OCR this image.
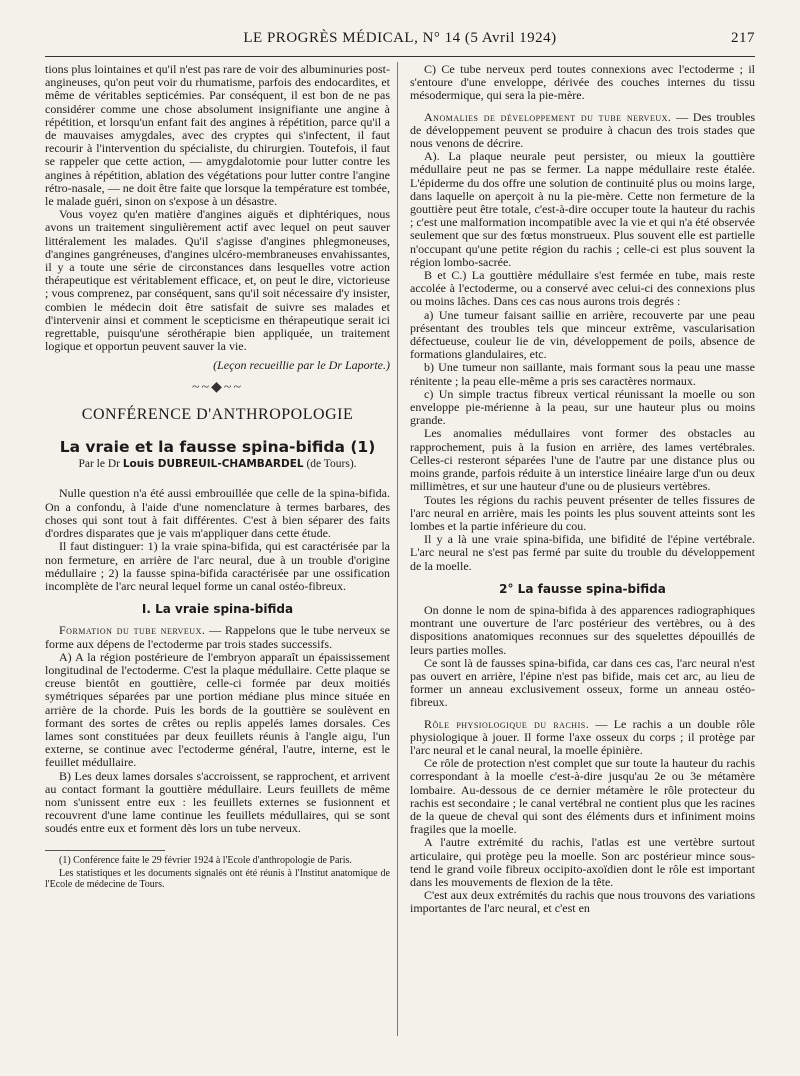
LE PROGRÈS MÉDICAL, N° 14 (5 Avril 1924)	217

tions plus lointaines et qu'il n'est pas rare de voir des albuminuries post-angineuses, qu'on peut voir du rhumatisme, parfois des endocardites, et même de véritables septicémies. Par conséquent, il est bon de ne pas considérer comme une chose absolument insignifiante une angine à répétition, et lorsqu'un enfant fait des angines à répétition, parce qu'il a de mauvaises amygdales, avec des cryptes qui s'infectent, il faut recourir à l'intervention du spécialiste, du chirurgien. Toutefois, il faut se rappeler que cette action, — amygdalotomie pour lutter contre les angines à répétition, ablation des végétations pour lutter contre l'angine rétro-nasale, — ne doit être faite que lorsque la température est tombée, le malade guéri, sinon on s'expose à un désastre.

Vous voyez qu'en matière d'angines aiguës et diphtériques, nous avons un traitement singulièrement actif avec lequel on peut sauver littéralement les malades. Qu'il s'agisse d'angines phlegmoneuses, d'angines gangréneuses, d'angines ulcéro-membraneuses envahissantes, il y a toute une série de circonstances dans lesquelles votre action thérapeutique est véritablement efficace, et, on peut le dire, victorieuse ; vous comprenez, par conséquent, sans qu'il soit nécessaire d'y insister, combien le médecin doit être satisfait de suivre ses malades et d'intervenir ainsi et comment le scepticisme en thérapeutique serait ici regrettable, puisqu'une sérothérapie bien appliquée, un traitement logique et opportun peuvent sauver la vie.

(Leçon recueillie par le Dr Laporte.)

~~◆~~
CONFÉRENCE D'ANTHROPOLOGIE
La vraie et la fausse spina-bifida (1)
Par le Dr Louis DUBREUIL-CHAMBARDEL (de Tours).

Nulle question n'a été aussi embrouillée que celle de la spina-bifida. On a confondu, à l'aide d'une nomenclature à termes barbares, des choses qui sont tout à fait différentes. C'est à bien séparer des faits d'ordres disparates que je vais m'appliquer dans cette étude.

Il faut distinguer: 1) la vraie spina-bifida, qui est caractérisée par la non fermeture, en arrière de l'arc neural, due à un trouble d'origine médullaire ; 2) la fausse spina-bifida caractérisée par une ossification incomplète de l'arc neural lequel forme un canal ostéo-fibreux.

I. La vraie spina-bifida

Formation du tube nerveux. — Rappelons que le tube nerveux se forme aux dépens de l'ectoderme par trois stades successifs.

A) A la région postérieure de l'embryon apparaît un épaississement longitudinal de l'ectoderme. C'est la plaque médullaire. Cette plaque se creuse bientôt en gouttière, celle-ci formée par deux moitiés symétriques séparées par une portion médiane plus mince située en arrière de la chorde. Puis les bords de la gouttière se soulèvent en formant des sortes de crêtes ou replis appelés lames dorsales. Ces lames sont constituées par deux feuillets réunis à l'angle aigu, l'un externe, se continue avec l'ectoderme général, l'autre, interne, est le feuillet médullaire.

B) Les deux lames dorsales s'accroissent, se rapprochent, et arrivent au contact formant la gouttière médullaire. Leurs feuillets de même nom s'unissent entre eux : les feuillets externes se fusionnent et recouvrent d'une lame continue les feuillets médullaires, qui se sont soudés entre eux et forment dès lors un tube nerveux.

(1) Conférence faite le 29 février 1924 à l'Ecole d'anthropologie de Paris.

Les statistiques et les documents signalés ont été réunis à l'Institut anatomique de l'Ecole de médecine de Tours.

C) Ce tube nerveux perd toutes connexions avec l'ectoderme ; il s'entoure d'une enveloppe, dérivée des couches internes du tissu mésodermique, qui sera la pie-mère.

Anomalies de développement du tube nerveux. — Des troubles de développement peuvent se produire à chacun des trois stades que nous venons de décrire.

A). La plaque neurale peut persister, ou mieux la gouttière médullaire peut ne pas se fermer. La nappe médullaire reste étalée. L'épiderme du dos offre une solution de continuité plus ou moins large, dans laquelle on aperçoit à nu la pie-mère. Cette non fermeture de la gouttière peut être totale, c'est-à-dire occuper toute la hauteur du rachis ; c'est une malformation incompatible avec la vie et qui n'a été observée seulement que sur des fœtus monstrueux. Plus souvent elle est partielle n'occupant qu'une petite région du rachis ; celle-ci est plus souvent la région lombo-sacrée.

B et C.) La gouttière médullaire s'est fermée en tube, mais reste accolée à l'ectoderme, ou a conservé avec celui-ci des connexions plus ou moins lâches. Dans ces cas nous aurons trois degrés :

a) Une tumeur faisant saillie en arrière, recouverte par une peau présentant des troubles tels que minceur extrême, vascularisation défectueuse, couleur lie de vin, développement de poils, absence de formations glandulaires, etc.

b) Une tumeur non saillante, mais formant sous la peau une masse rénitente ; la peau elle-même a pris ses caractères normaux.

c) Un simple tractus fibreux vertical réunissant la moelle ou son enveloppe pie-mérienne à la peau, sur une hauteur plus ou moins grande.

Les anomalies médullaires vont former des obstacles au rapprochement, puis à la fusion en arrière, des lames vertébrales. Celles-ci resteront séparées l'une de l'autre par une distance plus ou moins grande, parfois réduite à un interstice linéaire large d'un ou deux millimètres, et sur une hauteur d'une ou de plusieurs vertèbres.

Toutes les régions du rachis peuvent présenter de telles fissures de l'arc neural en arrière, mais les points les plus souvent atteints sont les lombes et la partie inférieure du cou.

Il y a là une vraie spina-bifida, une bifidité de l'épine vertébrale. L'arc neural ne s'est pas fermé par suite du trouble du développement de la moelle.

2° La fausse spina-bifida

On donne le nom de spina-bifida à des apparences radiographiques montrant une ouverture de l'arc postérieur des vertèbres, ou à des dispositions anatomiques reconnues sur des squelettes dépouillés de leurs parties molles.

Ce sont là de fausses spina-bifida, car dans ces cas, l'arc neural n'est pas ouvert en arrière, l'épine n'est pas bifide, mais cet arc, au lieu de former un anneau exclusivement osseux, forme un anneau ostéo-fibreux.

Rôle physiologique du rachis. — Le rachis a un double rôle physiologique à jouer. Il forme l'axe osseux du corps ; il protège par l'arc neural et le canal neural, la moelle épinière.

Ce rôle de protection n'est complet que sur toute la hauteur du rachis correspondant à la moelle c'est-à-dire jusqu'au 2e ou 3e métamère lombaire. Au-dessous de ce dernier métamère le rôle protecteur du rachis est secondaire ; le canal vertébral ne contient plus que les racines de la queue de cheval qui sont des éléments durs et infiniment moins fragiles que la moelle.

A l'autre extrémité du rachis, l'atlas est une vertèbre surtout articulaire, qui protège peu la moelle. Son arc postérieur mince sous-tend le grand voile fibreux occipito-axoïdien dont le rôle est important dans les mouvements de flexion de la tête.

C'est aux deux extrémités du rachis que nous trouvons des variations importantes de l'arc neural, et c'est en
